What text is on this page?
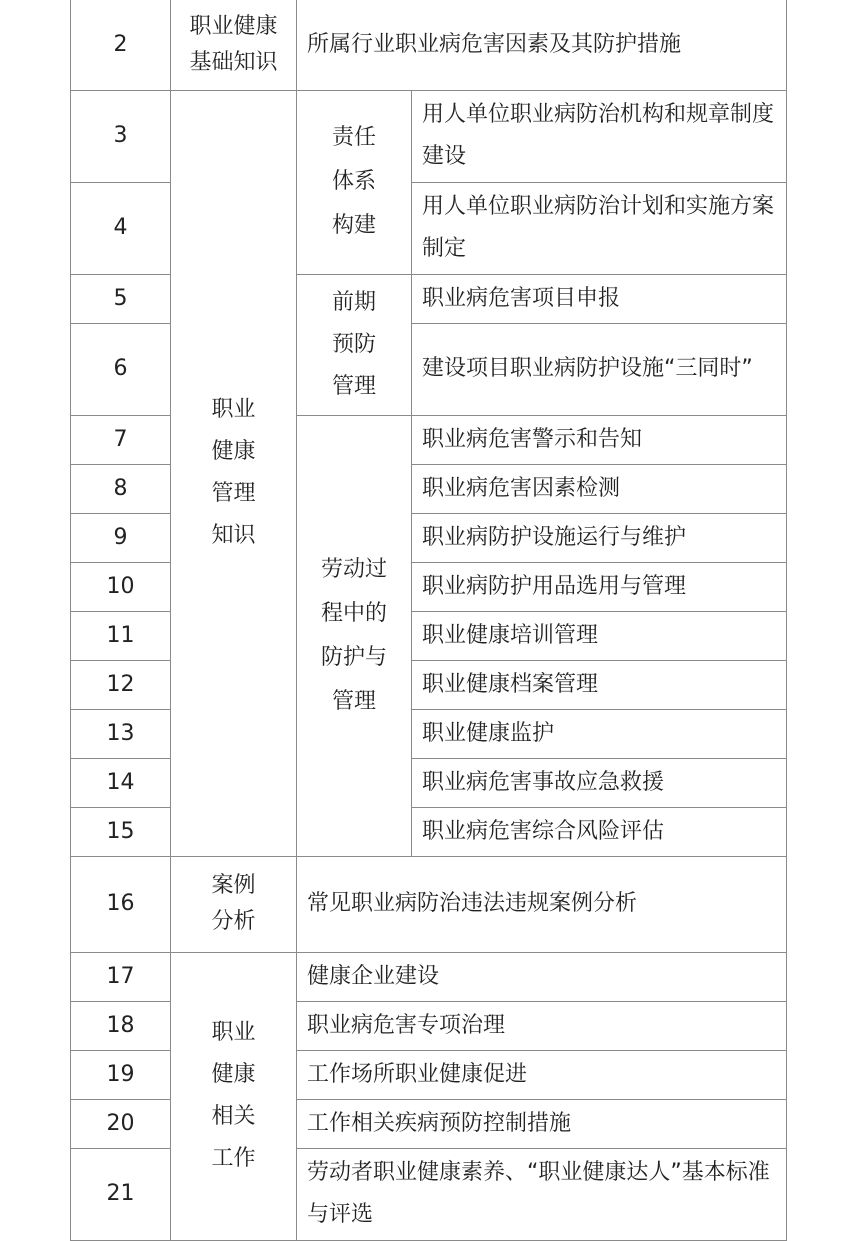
2	职业健康基础知识	所属行业职业病危害因素及其防护措施	
3	职业健康管理知识	责任体系构建	用人单位职业病防治机构和规章制度建设
4			用人单位职业病防治计划和实施方案制定
5		前期预防管理	职业病危害项目申报
6			建设项目职业病防护设施“三同时”
7		劳动过程中的防护与管理	职业病危害警示和告知
8			职业病危害因素检测
9			职业病防护设施运行与维护
10			职业病防护用品选用与管理
11			职业健康培训管理
12			职业健康档案管理
13			职业健康监护
14			职业病危害事故应急救援
15			职业病危害综合风险评估
16	案例分析	常见职业病防治违法违规案例分析	
17	职业健康相关工作	健康企业建设	
18		职业病危害专项治理	
19		工作场所职业健康促进	
20		工作相关疾病预防控制措施	
21		劳动者职业健康素养、“职业健康达人”基本标准与评选	
